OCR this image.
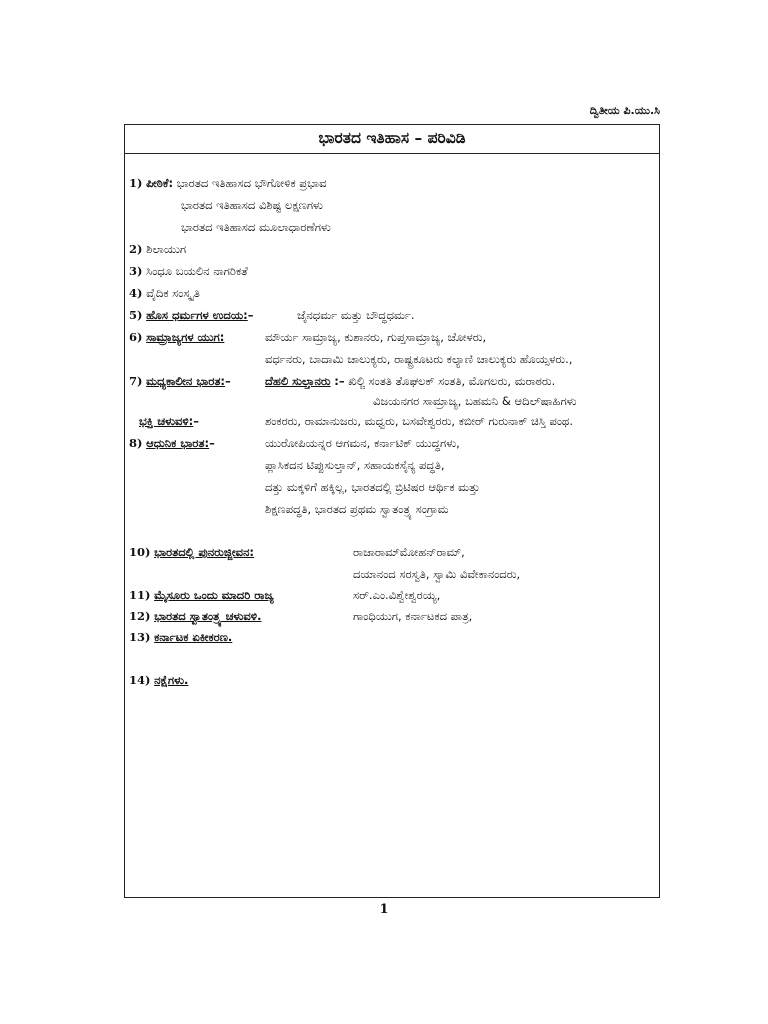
ದ್ವಿತೀಯ ಪಿ.ಯು.ಸಿ
ಭಾರತದ ಇತಿಹಾಸ – ಪರಿವಿಡಿ
1) ಪೀಠಿಕೆ: ಭಾರತದ ಇತಿಹಾಸದ ಭೌಗೋಳಿಕ ಪ್ರಭಾವ
ಭಾರತದ ಇತಿಹಾಸದ ವಿಶಿಷ್ಟ ಲಕ್ಷಣಗಳು
ಭಾರತದ ಇತಿಹಾಸದ ಮೂಲಾಧಾರಣೆಗಳು
2) ಶಿಲಾಯುಗ
3) ಸಿಂಧೂ ಬಯಲಿನ ನಾಗರಿಕತೆ
4) ವೈದಿಕ ಸಂಸ್ಕೃತಿ
5) ಹೊಸ ಧರ್ಮಗಳ ಉದಯ:–	ಜೈನಧರ್ಮ ಮತ್ತು ಬೌದ್ಧಧರ್ಮ.
6) ಸಾಮ್ರಾಜ್ಯಗಳ ಯುಗ:	ಮೌರ್ಯ ಸಾಮ್ರಾಜ್ಯ, ಕುಶಾನರು, ಗುಪ್ತಸಾಮ್ರಾಜ್ಯ, ಚೋಳರು,
ವರ್ಧನರು, ಬಾದಾಮಿ ಚಾಲುಕ್ಯರು, ರಾಷ್ಟ್ರಕೂಟರು ಕಲ್ಯಾಣಿ ಚಾಲುಕ್ಯರು ಹೊಯ್ಸಳರು.,
7) ಮಧ್ಯಕಾಲೀನ ಭಾರತ:–	ದೆಹಲಿ ಸುಲ್ತಾನರು :– ಖಿಲ್ಜಿ ಸಂತತಿ ತೊಘಲಕ್ ಸಂತತಿ, ಮೊಗಲರು, ಮರಾಠರು.
ವಿಜಯನಗರ ಸಾಮ್ರಾಜ್ಯ, ಬಹಮನಿ & ಆದಿಲ್‌ಷಾಹಿಗಳು
ಭಕ್ತಿ ಚಳುವಳಿ:–	ಶಂಕರರು, ರಾಮಾನುಜರು, ಮಧ್ವರು, ಬಸವೇಶ್ವರರು, ಕಬೀರ್ ಗುರುನಾಕ್ ಚಿಸ್ತಿ ಪಂಥ.
8) ಆಧುನಿಕ ಭಾರತ:–	ಯುರೋಪಿಯನ್ನರ ಆಗಮನ, ಕರ್ನಾಟಿಕ್ ಯುದ್ಧಗಳು,
ಪ್ಲಾಸಿಕದನ ಟಿಪ್ಪುಸುಲ್ತಾನ್, ಸಹಾಯಕಸೈನ್ಯ ಪದ್ಧತಿ,
ದತ್ತು ಮಕ್ಕಳಿಗೆ ಹಕ್ಕಿಲ್ಲ, ಭಾರತದಲ್ಲಿ ಬ್ರಿಟಿಷರ ಆರ್ಥಿಕ ಮತ್ತು
ಶಿಕ್ಷಣಪದ್ಧತಿ, ಭಾರತದ ಪ್ರಥಮ ಸ್ವಾತಂತ್ರ್ಯ ಸಂಗ್ರಾಮ
10) ಭಾರತದಲ್ಲಿ ಪುನರುಜ್ಜೀವನ:	ರಾಜಾರಾಮ್‌ಮೋಹನ್‌ರಾಮ್,
ದಯಾನಂದ ಸರಸ್ವತಿ, ಸ್ವಾಮಿ ವಿವೇಕಾನಂದರು,
11) ಮೈಸೂರು ಒಂದು ಮಾದರಿ ರಾಜ್ಯ	ಸರ್.ಎಂ.ವಿಶ್ವೇಶ್ವರಯ್ಯ,
12) ಭಾರತದ ಸ್ವಾತಂತ್ರ್ಯ ಚಳುವಳಿ.	ಗಾಂಧಿಯುಗ, ಕರ್ನಾಟಕದ ಪಾತ್ರ,
13) ಕರ್ನಾಟಕ ಏಕೀಕರಣ.
14) ನಕ್ಷೆಗಳು.
1
